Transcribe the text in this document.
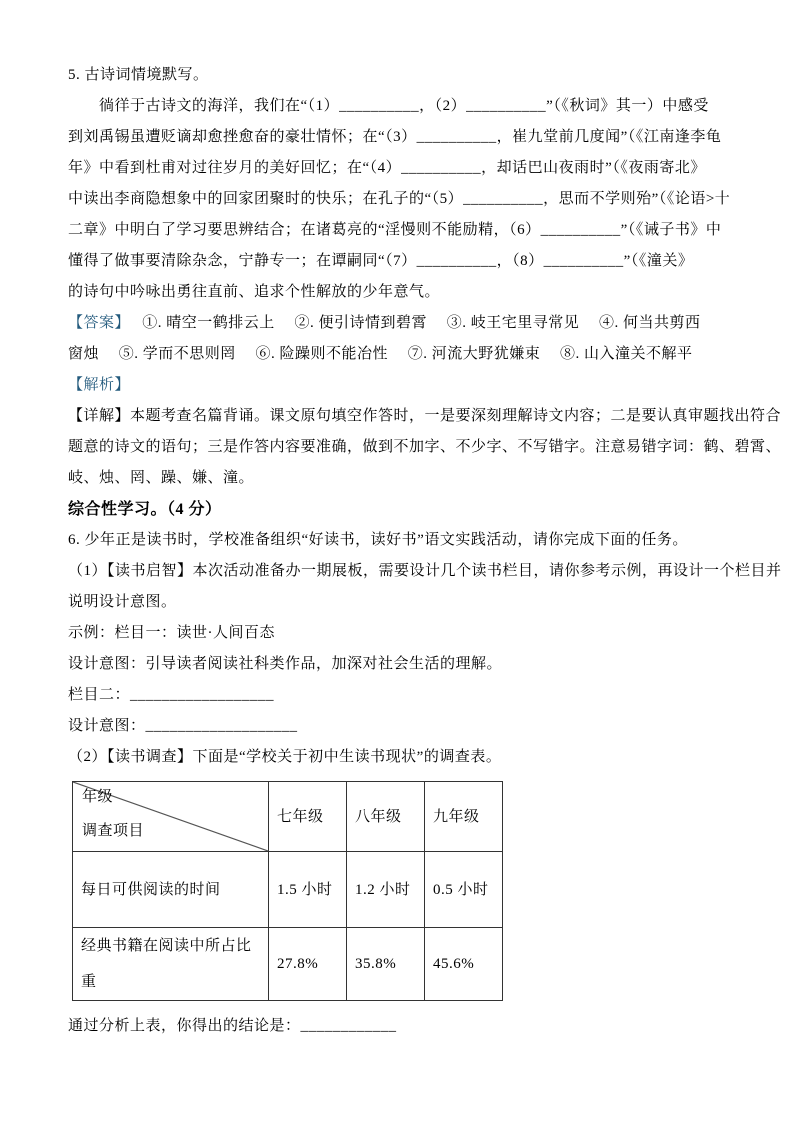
5. 古诗词情境默写。
　　徜徉于古诗文的海洋，我们在“（1）__________，（2）__________”（《秋词》其一）中感受
到刘禹锡虽遭贬谪却愈挫愈奋的豪壮情怀；在“（3）__________，崔九堂前几度闻”（《江南逢李龟
年》中看到杜甫对过往岁月的美好回忆；在“（4）__________，却话巴山夜雨时”（《夜雨寄北》
中读出李商隐想象中的回家团聚时的快乐；在孔子的“（5）__________，思而不学则殆”（《论语>十
二章》中明白了学习要思辨结合；在诸葛亮的“淫慢则不能励精，（6）__________”（《诫子书》中
懂得了做事要清除杂念，宁静专一；在谭嗣同“（7）__________，（8）__________”（《潼关》
的诗句中吟咏出勇往直前、追求个性解放的少年意气。
【答案】　 ①. 晴空一鹤排云上　 ②. 便引诗情到碧霄　 ③. 岐王宅里寻常见　 ④. 何当共剪西
窗烛　 ⑤. 学而不思则罔　 ⑥. 险躁则不能冶性　 ⑦. 河流大野犹嫌束　 ⑧. 山入潼关不解平
【解析】
【详解】本题考查名篇背诵。课文原句填空作答时，一是要深刻理解诗文内容；二是要认真审题找出符合
题意的诗文的语句；三是作答内容要准确，做到不加字、不少字、不写错字。注意易错字词：鹤、碧霄、
岐、烛、罔、躁、嫌、潼。
综合性学习。（4 分）
6. 少年正是读书时，学校准备组织“好读书，读好书”语文实践活动，请你完成下面的任务。
（1）【读书启智】本次活动准备办一期展板，需要设计几个读书栏目，请你参考示例，再设计一个栏目并
说明设计意图。
示例：栏目一：读世·人间百态
设计意图：引导读者阅读社科类作品，加深对社会生活的理解。
栏目二：__________________
设计意图：___________________
（2）【读书调查】下面是“学校关于初中生读书现状”的调查表。
年级
调查项目	七年级	八年级	九年级
每日可供阅读的时间	1.5 小时	1.2 小时	0.5 小时
经典书籍在阅读中所占比重	27.8%	35.8%	45.6%
通过分析上表，你得出的结论是：____________
